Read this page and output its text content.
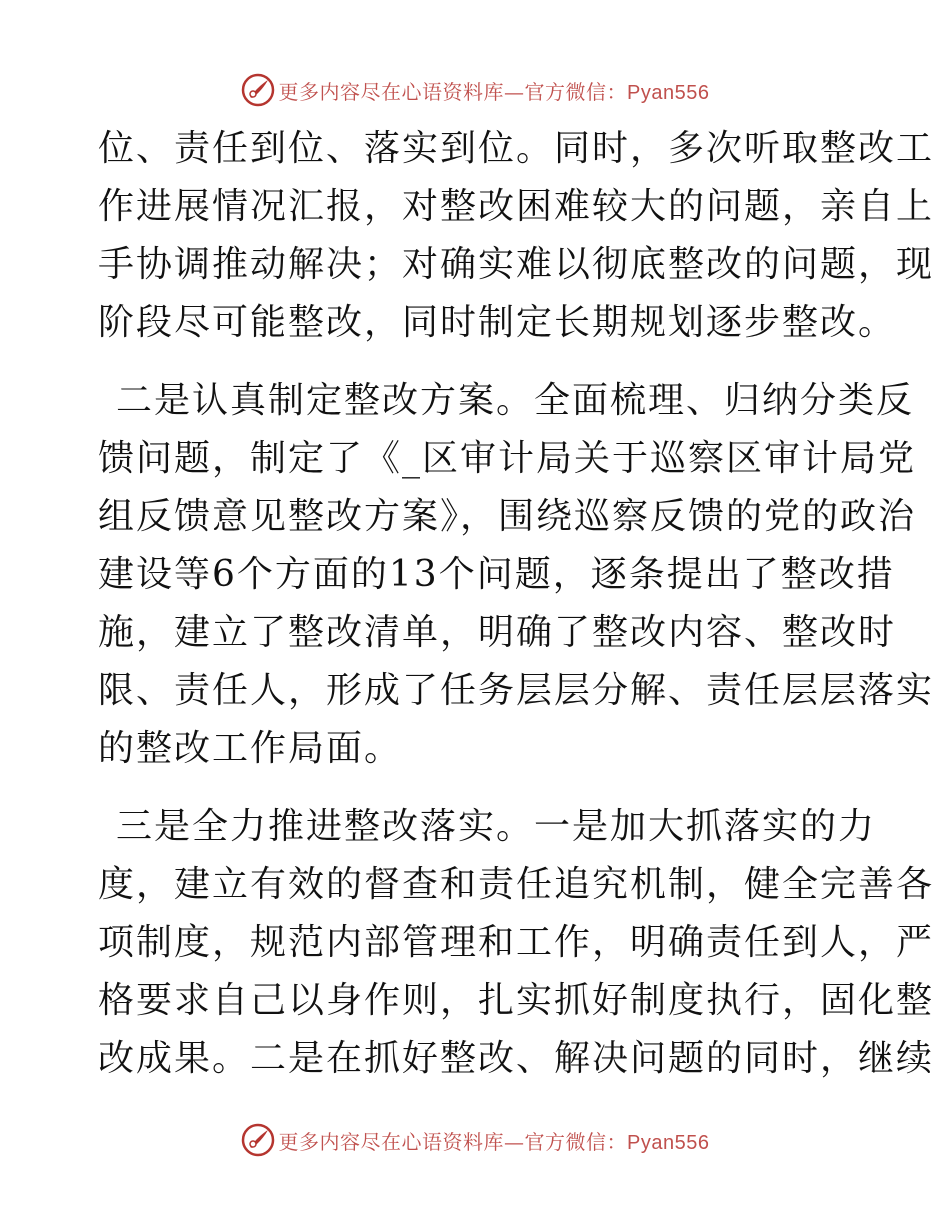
更多内容尽在心语资料库—官方微信：Pyan556
位、责任到位、落实到位。同时，多次听取整改工
作进展情况汇报，对整改困难较大的问题，亲自上
手协调推动解决；对确实难以彻底整改的问题，现
阶段尽可能整改，同时制定长期规划逐步整改。
二是认真制定整改方案。全面梳理、归纳分类反
馈问题，制定了《_区审计局关于巡察区审计局党
组反馈意见整改方案》，围绕巡察反馈的党的政治
建设等6个方面的13个问题，逐条提出了整改措
施，建立了整改清单，明确了整改内容、整改时
限、责任人，形成了任务层层分解、责任层层落实
的整改工作局面。
三是全力推进整改落实。一是加大抓落实的力
度，建立有效的督查和责任追究机制，健全完善各
项制度，规范内部管理和工作，明确责任到人，严
格要求自己以身作则，扎实抓好制度执行，固化整
改成果。二是在抓好整改、解决问题的同时，继续
更多内容尽在心语资料库—官方微信：Pyan556
